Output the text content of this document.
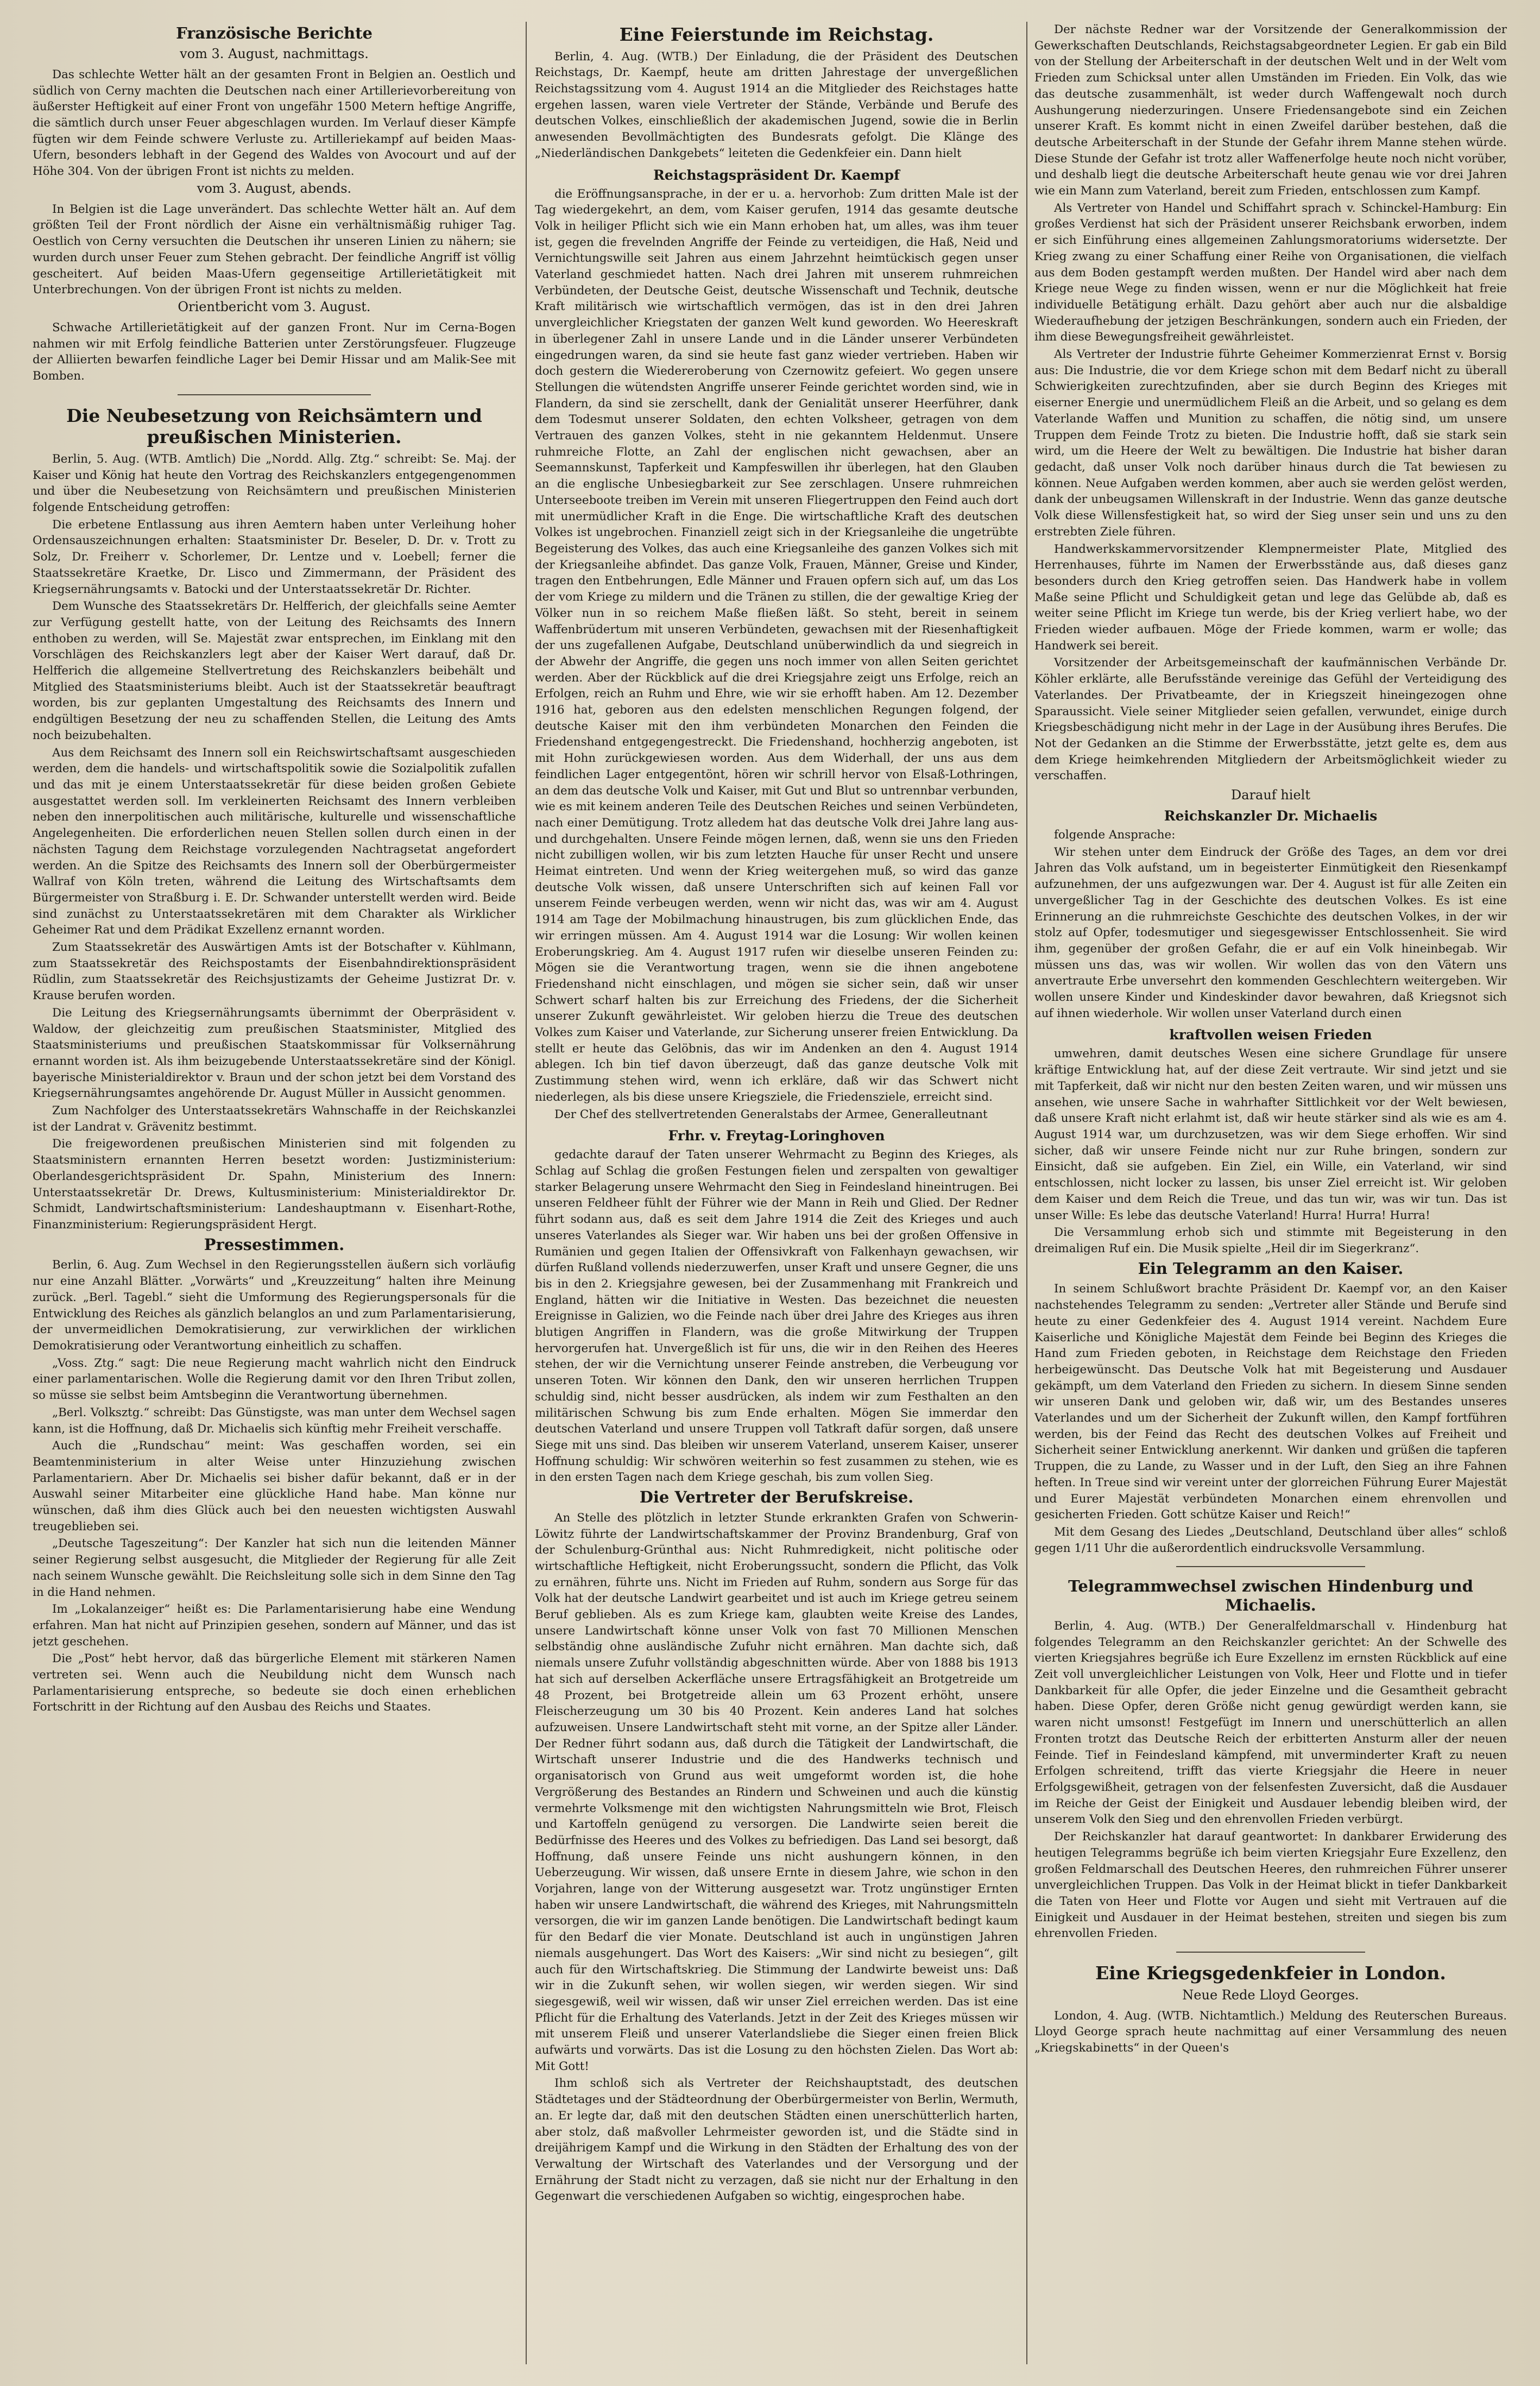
Französische Berichte
vom 3. August, nachmittags.

Das schlechte Wetter hält an der gesamten Front in Belgien an. Oestlich und südlich von Cerny machten die Deutschen nach einer Artillerievorbereitung von äußerster Heftigkeit auf einer Front von ungefähr 1500 Metern heftige Angriffe, die sämtlich durch unser Feuer abgeschlagen wurden. Im Verlauf dieser Kämpfe fügten wir dem Feinde schwere Verluste zu. Artilleriekampf auf beiden Maas-Ufern, besonders lebhaft in der Gegend des Waldes von Avocourt und auf der Höhe 304. Von der übrigen Front ist nichts zu melden.

vom 3. August, abends.

In Belgien ist die Lage unverändert. Das schlechte Wetter hält an. Auf dem größten Teil der Front nördlich der Aisne ein verhältnismäßig ruhiger Tag. Oestlich von Cerny versuchten die Deutschen ihr unseren Linien zu nähern; sie wurden durch unser Feuer zum Stehen gebracht. Der feindliche Angriff ist völlig gescheitert. Auf beiden Maas-Ufern gegenseitige Artillerietätigkeit mit Unterbrechungen. Von der übrigen Front ist nichts zu melden.

Orientbericht vom 3. August.

Schwache Artillerietätigkeit auf der ganzen Front. Nur im Cerna-Bogen nahmen wir mit Erfolg feindliche Batterien unter Zerstörungsfeuer. Flugzeuge der Alliierten bewarfen feindliche Lager bei Demir Hissar und am Malik-See mit Bomben.

Die Neubesetzung von Reichsämtern und preußischen Ministerien.

Berlin, 5. Aug. (WTB. Amtlich) Die „Nordd. Allg. Ztg.“ schreibt: Se. Maj. der Kaiser und König hat heute den Vortrag des Reichskanzlers entgegengenommen und über die Neubesetzung von Reichsämtern und preußischen Ministerien folgende Entscheidung getroffen:

Die erbetene Entlassung aus ihren Aemtern haben unter Verleihung hoher Ordensauszeichnungen erhalten: Staatsminister Dr. Beseler, D. Dr. v. Trott zu Solz, Dr. Freiherr v. Schorlemer, Dr. Lentze und v. Loebell; ferner die Staatssekretäre Kraetke, Dr. Lisco und Zimmermann, der Präsident des Kriegsernährungsamts v. Batocki und der Unterstaatssekretär Dr. Richter.

Dem Wunsche des Staatssekretärs Dr. Helfferich, der gleichfalls seine Aemter zur Verfügung gestellt hatte, von der Leitung des Reichsamts des Innern enthoben zu werden, will Se. Majestät zwar entsprechen, im Einklang mit den Vorschlägen des Reichskanzlers legt aber der Kaiser Wert darauf, daß Dr. Helfferich die allgemeine Stellvertretung des Reichskanzlers beibehält und Mitglied des Staatsministeriums bleibt. Auch ist der Staatssekretär beauftragt worden, bis zur geplanten Umgestaltung des Reichsamts des Innern und endgültigen Besetzung der neu zu schaffenden Stellen, die Leitung des Amts noch beizubehalten.

Aus dem Reichsamt des Innern soll ein Reichswirtschaftsamt ausgeschieden werden, dem die handels- und wirtschaftspolitik sowie die Sozialpolitik zufallen und das mit je einem Unterstaatssekretär für diese beiden großen Gebiete ausgestattet werden soll. Im verkleinerten Reichsamt des Innern verbleiben neben den innerpolitischen auch militärische, kulturelle und wissenschaftliche Angelegenheiten. Die erforderlichen neuen Stellen sollen durch einen in der nächsten Tagung dem Reichstage vorzulegenden Nachtragsetat angefordert werden. An die Spitze des Reichsamts des Innern soll der Oberbürgermeister Wallraf von Köln treten, während die Leitung des Wirtschaftsamts dem Bürgermeister von Straßburg i. E. Dr. Schwander unterstellt werden wird. Beide sind zunächst zu Unterstaatssekretären mit dem Charakter als Wirklicher Geheimer Rat und dem Prädikat Exzellenz ernannt worden.

Zum Staatssekretär des Auswärtigen Amts ist der Botschafter v. Kühlmann, zum Staatssekretär des Reichspostamts der Eisenbahndirektionspräsident Rüdlin, zum Staatssekretär des Reichsjustizamts der Geheime Justizrat Dr. v. Krause berufen worden.

Die Leitung des Kriegsernährungsamts übernimmt der Oberpräsident v. Waldow, der gleichzeitig zum preußischen Staatsminister, Mitglied des Staatsministeriums und preußischen Staatskommissar für Volksernährung ernannt worden ist. Als ihm beizugebende Unterstaatssekretäre sind der Königl. bayerische Ministerialdirektor v. Braun und der schon jetzt bei dem Vorstand des Kriegsernährungsamtes angehörende Dr. August Müller in Aussicht genommen.

Zum Nachfolger des Unterstaatssekretärs Wahnschaffe in der Reichskanzlei ist der Landrat v. Grävenitz bestimmt.

Die freigewordenen preußischen Ministerien sind mit folgenden zu Staatsministern ernannten Herren besetzt worden: Justizministerium: Oberlandesgerichtspräsident Dr. Spahn, Ministerium des Innern: Unterstaatssekretär Dr. Drews, Kultusministerium: Ministerialdirektor Dr. Schmidt, Landwirtschaftsministerium: Landeshauptmann v. Eisenhart-Rothe, Finanzministerium: Regierungspräsident Hergt.

Pressestimmen.

Berlin, 6. Aug. Zum Wechsel in den Regierungsstellen äußern sich vorläufig nur eine Anzahl Blätter. „Vorwärts“ und „Kreuzzeitung“ halten ihre Meinung zurück. „Berl. Tagebl.“ sieht die Umformung des Regierungspersonals für die Entwicklung des Reiches als gänzlich belanglos an und zum Parlamentarisierung, der unvermeidlichen Demokratisierung, zur verwirklichen der wirklichen Demokratisierung oder Verantwortung einheitlich zu schaffen.

„Voss. Ztg.“ sagt: Die neue Regierung macht wahrlich nicht den Eindruck einer parlamentarischen. Wolle die Regierung damit vor den Ihren Tribut zollen, so müsse sie selbst beim Amtsbeginn die Verantwortung übernehmen.

„Berl. Volksztg.“ schreibt: Das Günstigste, was man unter dem Wechsel sagen kann, ist die Hoffnung, daß Dr. Michaelis sich künftig mehr Freiheit verschaffe.

Auch die „Rundschau“ meint: Was geschaffen worden, sei ein Beamtenministerium in alter Weise unter Hinzuziehung zwischen Parlamentariern. Aber Dr. Michaelis sei bisher dafür bekannt, daß er in der Auswahl seiner Mitarbeiter eine glückliche Hand habe. Man könne nur wünschen, daß ihm dies Glück auch bei den neuesten wichtigsten Auswahl treugeblieben sei.

„Deutsche Tageszeitung“: Der Kanzler hat sich nun die leitenden Männer seiner Regierung selbst ausgesucht, die Mitglieder der Regierung für alle Zeit nach seinem Wunsche gewählt. Die Reichsleitung solle sich in dem Sinne den Tag in die Hand nehmen.

Im „Lokalanzeiger“ heißt es: Die Parlamentarisierung habe eine Wendung erfahren. Man hat nicht auf Prinzipien gesehen, sondern auf Männer, und das ist jetzt geschehen.

Die „Post“ hebt hervor, daß das bürgerliche Element mit stärkeren Namen vertreten sei. Wenn auch die Neubildung nicht dem Wunsch nach Parlamentarisierung entspreche, so bedeute sie doch einen erheblichen Fortschritt in der Richtung auf den Ausbau des Reichs und Staates.

Eine Feierstunde im Reichstag.

Berlin, 4. Aug. (WTB.) Der Einladung, die der Präsident des Deutschen Reichstags, Dr. Kaempf, heute am dritten Jahrestage der unvergeßlichen Reichstagssitzung vom 4. August 1914 an die Mitglieder des Reichstages hatte ergehen lassen, waren viele Vertreter der Stände, Verbände und Berufe des deutschen Volkes, einschließlich der akademischen Jugend, sowie die in Berlin anwesenden Bevollmächtigten des Bundesrats gefolgt. Die Klänge des „Niederländischen Dankgebets“ leiteten die Gedenkfeier ein. Dann hielt

Reichstagspräsident Dr. Kaempf

die Eröffnungsansprache, in der er u. a. hervorhob: Zum dritten Male ist der Tag wiedergekehrt, an dem, vom Kaiser gerufen, 1914 das gesamte deutsche Volk in heiliger Pflicht sich wie ein Mann erhoben hat, um alles, was ihm teuer ist, gegen die frevelnden Angriffe der Feinde zu verteidigen, die Haß, Neid und Vernichtungswille seit Jahren aus einem Jahrzehnt heimtückisch gegen unser Vaterland geschmiedet hatten. Nach drei Jahren mit unserem ruhmreichen Verbündeten, der Deutsche Geist, deutsche Wissenschaft und Technik, deutsche Kraft militärisch wie wirtschaftlich vermögen, das ist in den drei Jahren unvergleichlicher Kriegstaten der ganzen Welt kund geworden. Wo Heereskraft in überlegener Zahl in unsere Lande und in die Länder unserer Verbündeten eingedrungen waren, da sind sie heute fast ganz wieder vertrieben. Haben wir doch gestern die Wiedereroberung von Czernowitz gefeiert. Wo gegen unsere Stellungen die wütendsten Angriffe unserer Feinde gerichtet worden sind, wie in Flandern, da sind sie zerschellt, dank der Genialität unserer Heerführer, dank dem Todesmut unserer Soldaten, den echten Volksheer, getragen von dem Vertrauen des ganzen Volkes, steht in nie gekanntem Heldenmut. Unsere ruhmreiche Flotte, an Zahl der englischen nicht gewachsen, aber an Seemannskunst, Tapferkeit und Kampfeswillen ihr überlegen, hat den Glauben an die englische Unbesiegbarkeit zur See zerschlagen. Unsere ruhmreichen Unterseeboote treiben im Verein mit unseren Fliegertruppen den Feind auch dort mit unermüdlicher Kraft in die Enge. Die wirtschaftliche Kraft des deutschen Volkes ist ungebrochen. Finanziell zeigt sich in der Kriegsanleihe die ungetrübte Begeisterung des Volkes, das auch eine Kriegsanleihe des ganzen Volkes sich mit der Kriegsanleihe abfindet. Das ganze Volk, Frauen, Männer, Greise und Kinder, tragen den Entbehrungen, Edle Männer und Frauen opfern sich auf, um das Los der vom Kriege zu mildern und die Tränen zu stillen, die der gewaltige Krieg der Völker nun in so reichem Maße fließen läßt. So steht, bereit in seinem Waffenbrüdertum mit unseren Verbündeten, gewachsen mit der Riesenhaftigkeit der uns zugefallenen Aufgabe, Deutschland unüberwindlich da und siegreich in der Abwehr der Angriffe, die gegen uns noch immer von allen Seiten gerichtet werden. Aber der Rückblick auf die drei Kriegsjahre zeigt uns Erfolge, reich an Erfolgen, reich an Ruhm und Ehre, wie wir sie erhofft haben. Am 12. Dezember 1916 hat, geboren aus den edelsten menschlichen Regungen folgend, der deutsche Kaiser mit den ihm verbündeten Monarchen den Feinden die Friedenshand entgegengestreckt. Die Friedenshand, hochherzig angeboten, ist mit Hohn zurückgewiesen worden. Aus dem Widerhall, der uns aus dem feindlichen Lager entgegentönt, hören wir schrill hervor von Elsaß-Lothringen, an dem das deutsche Volk und Kaiser, mit Gut und Blut so untrennbar verbunden, wie es mit keinem anderen Teile des Deutschen Reiches und seinen Verbündeten, nach einer Demütigung. Trotz alledem hat das deutsche Volk drei Jahre lang aus- und durchgehalten. Unsere Feinde mögen lernen, daß, wenn sie uns den Frieden nicht zubilligen wollen, wir bis zum letzten Hauche für unser Recht und unsere Heimat eintreten. Und wenn der Krieg weitergehen muß, so wird das ganze deutsche Volk wissen, daß unsere Unterschriften sich auf keinen Fall vor unserem Feinde verbeugen werden, wenn wir nicht das, was wir am 4. August 1914 am Tage der Mobilmachung hinaustrugen, bis zum glücklichen Ende, das wir erringen müssen. Am 4. August 1914 war die Losung: Wir wollen keinen Eroberungskrieg. Am 4. August 1917 rufen wir dieselbe unseren Feinden zu: Mögen sie die Verantwortung tragen, wenn sie die ihnen angebotene Friedenshand nicht einschlagen, und mögen sie sicher sein, daß wir unser Schwert scharf halten bis zur Erreichung des Friedens, der die Sicherheit unserer Zukunft gewährleistet. Wir geloben hierzu die Treue des deutschen Volkes zum Kaiser und Vaterlande, zur Sicherung unserer freien Entwicklung. Da stellt er heute das Gelöbnis, das wir im Andenken an den 4. August 1914 ablegen. Ich bin tief davon überzeugt, daß das ganze deutsche Volk mit Zustimmung stehen wird, wenn ich erkläre, daß wir das Schwert nicht niederlegen, als bis diese unsere Kriegsziele, die Friedensziele, erreicht sind.

Der Chef des stellvertretenden Generalstabs der Armee, Generalleutnant

Frhr. v. Freytag-Loringhoven

gedachte darauf der Taten unserer Wehrmacht zu Beginn des Krieges, als Schlag auf Schlag die großen Festungen fielen und zerspalten von gewaltiger starker Belagerung unsere Wehrmacht den Sieg in Feindesland hineintrugen. Bei unseren Feldheer fühlt der Führer wie der Mann in Reih und Glied. Der Redner führt sodann aus, daß es seit dem Jahre 1914 die Zeit des Krieges und auch unseres Vaterlandes als Sieger war. Wir haben uns bei der großen Offensive in Rumänien und gegen Italien der Offensivkraft von Falkenhayn gewachsen, wir dürfen Rußland vollends niederzuwerfen, unser Kraft und unsere Gegner, die uns bis in den 2. Kriegsjahre gewesen, bei der Zusammenhang mit Frankreich und England, hätten wir die Initiative in Westen. Das bezeichnet die neuesten Ereignisse in Galizien, wo die Feinde nach über drei Jahre des Krieges aus ihren blutigen Angriffen in Flandern, was die große Mitwirkung der Truppen hervorgerufen hat. Unvergeßlich ist für uns, die wir in den Reihen des Heeres stehen, der wir die Vernichtung unserer Feinde anstreben, die Verbeugung vor unseren Toten. Wir können den Dank, den wir unseren herrlichen Truppen schuldig sind, nicht besser ausdrücken, als indem wir zum Festhalten an den militärischen Schwung bis zum Ende erhalten. Mögen Sie immerdar den deutschen Vaterland und unsere Truppen voll Tatkraft dafür sorgen, daß unsere Siege mit uns sind. Das bleiben wir unserem Vaterland, unserem Kaiser, unserer Hoffnung schuldig: Wir schwören weiterhin so fest zusammen zu stehen, wie es in den ersten Tagen nach dem Kriege geschah, bis zum vollen Sieg.

Die Vertreter der Berufskreise.

An Stelle des plötzlich in letzter Stunde erkrankten Grafen von Schwerin-Löwitz führte der Landwirtschaftskammer der Provinz Brandenburg, Graf von der Schulenburg-Grünthal aus: Nicht Ruhmredigkeit, nicht politische oder wirtschaftliche Heftigkeit, nicht Eroberungssucht, sondern die Pflicht, das Volk zu ernähren, führte uns. Nicht im Frieden auf Ruhm, sondern aus Sorge für das Volk hat der deutsche Landwirt gearbeitet und ist auch im Kriege getreu seinem Beruf geblieben. Als es zum Kriege kam, glaubten weite Kreise des Landes, unsere Landwirtschaft könne unser Volk von fast 70 Millionen Menschen selbständig ohne ausländische Zufuhr nicht ernähren. Man dachte sich, daß niemals unsere Zufuhr vollständig abgeschnitten würde. Aber von 1888 bis 1913 hat sich auf derselben Ackerfläche unsere Ertragsfähigkeit an Brotgetreide um 48 Prozent, bei Brotgetreide allein um 63 Prozent erhöht, unsere Fleischerzeugung um 30 bis 40 Prozent. Kein anderes Land hat solches aufzuweisen. Unsere Landwirtschaft steht mit vorne, an der Spitze aller Länder. Der Redner führt sodann aus, daß durch die Tätigkeit der Landwirtschaft, die Wirtschaft unserer Industrie und die des Handwerks technisch und organisatorisch von Grund aus weit umgeformt worden ist, die hohe Vergrößerung des Bestandes an Rindern und Schweinen und auch die künstig vermehrte Volksmenge mit den wichtigsten Nahrungsmitteln wie Brot, Fleisch und Kartoffeln genügend zu versorgen. Die Landwirte seien bereit die Bedürfnisse des Heeres und des Volkes zu befriedigen. Das Land sei besorgt, daß Hoffnung, daß unsere Feinde uns nicht aushungern können, in den Ueberzeugung. Wir wissen, daß unsere Ernte in diesem Jahre, wie schon in den Vorjahren, lange von der Witterung ausgesetzt war. Trotz ungünstiger Ernten haben wir unsere Landwirtschaft, die während des Krieges, mit Nahrungsmitteln versorgen, die wir im ganzen Lande benötigen. Die Landwirtschaft bedingt kaum für den Bedarf die vier Monate. Deutschland ist auch in ungünstigen Jahren niemals ausgehungert. Das Wort des Kaisers: „Wir sind nicht zu besiegen“, gilt auch für den Wirtschaftskrieg. Die Stimmung der Landwirte beweist uns: Daß wir in die Zukunft sehen, wir wollen siegen, wir werden siegen. Wir sind siegesgewiß, weil wir wissen, daß wir unser Ziel erreichen werden. Das ist eine Pflicht für die Erhaltung des Vaterlands. Jetzt in der Zeit des Krieges müssen wir mit unserem Fleiß und unserer Vaterlandsliebe die Sieger einen freien Blick aufwärts und vorwärts. Das ist die Losung zu den höchsten Zielen. Das Wort ab: Mit Gott!

Ihm schloß sich als Vertreter der Reichshauptstadt, des deutschen Städtetages und der Städteordnung der Oberbürgermeister von Berlin, Wermuth, an. Er legte dar, daß mit den deutschen Städten einen unerschütterlich harten, aber stolz, daß maßvoller Lehrmeister geworden ist, und die Städte sind in dreijährigem Kampf und die Wirkung in den Städten der Erhaltung des von der Verwaltung der Wirtschaft des Vaterlandes und der Versorgung und der Ernährung der Stadt nicht zu verzagen, daß sie nicht nur der Erhaltung in den Gegenwart die verschiedenen Aufgaben so wichtig, eingesprochen habe.

Der nächste Redner war der Vorsitzende der Generalkommission der Gewerkschaften Deutschlands, Reichstagsabgeordneter Legien. Er gab ein Bild von der Stellung der Arbeiterschaft in der deutschen Welt und in der Welt vom Frieden zum Schicksal unter allen Umständen im Frieden. Ein Volk, das wie das deutsche zusammenhält, ist weder durch Waffengewalt noch durch Aushungerung niederzuringen. Unsere Friedensangebote sind ein Zeichen unserer Kraft. Es kommt nicht in einen Zweifel darüber bestehen, daß die deutsche Arbeiterschaft in der Stunde der Gefahr ihrem Manne stehen würde. Diese Stunde der Gefahr ist trotz aller Waffenerfolge heute noch nicht vorüber, und deshalb liegt die deutsche Arbeiterschaft heute genau wie vor drei Jahren wie ein Mann zum Vaterland, bereit zum Frieden, entschlossen zum Kampf.

Als Vertreter von Handel und Schiffahrt sprach v. Schinckel-Hamburg: Ein großes Verdienst hat sich der Präsident unserer Reichsbank erworben, indem er sich Einführung eines allgemeinen Zahlungsmoratoriums widersetzte. Der Krieg zwang zu einer Schaffung einer Reihe von Organisationen, die vielfach aus dem Boden gestampft werden mußten. Der Handel wird aber nach dem Kriege neue Wege zu finden wissen, wenn er nur die Möglichkeit hat freie individuelle Betätigung erhält. Dazu gehört aber auch nur die alsbaldige Wiederaufhebung der jetzigen Beschränkungen, sondern auch ein Frieden, der ihm diese Bewegungsfreiheit gewährleistet.

Als Vertreter der Industrie führte Geheimer Kommerzienrat Ernst v. Borsig aus: Die Industrie, die vor dem Kriege schon mit dem Bedarf nicht zu überall Schwierigkeiten zurechtzufinden, aber sie durch Beginn des Krieges mit eiserner Energie und unermüdlichem Fleiß an die Arbeit, und so gelang es dem Vaterlande Waffen und Munition zu schaffen, die nötig sind, um unsere Truppen dem Feinde Trotz zu bieten. Die Industrie hofft, daß sie stark sein wird, um die Heere der Welt zu bewältigen. Die Industrie hat bisher daran gedacht, daß unser Volk noch darüber hinaus durch die Tat bewiesen zu können. Neue Aufgaben werden kommen, aber auch sie werden gelöst werden, dank der unbeugsamen Willenskraft in der Industrie. Wenn das ganze deutsche Volk diese Willensfestigkeit hat, so wird der Sieg unser sein und uns zu den erstrebten Ziele führen.

Handwerkskammervorsitzender Klempnermeister Plate, Mitglied des Herrenhauses, führte im Namen der Erwerbsstände aus, daß dieses ganz besonders durch den Krieg getroffen seien. Das Handwerk habe in vollem Maße seine Pflicht und Schuldigkeit getan und lege das Gelübde ab, daß es weiter seine Pflicht im Kriege tun werde, bis der Krieg verliert habe, wo der Frieden wieder aufbauen. Möge der Friede kommen, warm er wolle; das Handwerk sei bereit.

Vorsitzender der Arbeitsgemeinschaft der kaufmännischen Verbände Dr. Köhler erklärte, alle Berufsstände vereinige das Gefühl der Verteidigung des Vaterlandes. Der Privatbeamte, der in Kriegszeit hineingezogen ohne Sparaussicht. Viele seiner Mitglieder seien gefallen, verwundet, einige durch Kriegsbeschädigung nicht mehr in der Lage in der Ausübung ihres Berufes. Die Not der Gedanken an die Stimme der Erwerbsstätte, jetzt gelte es, dem aus dem Kriege heimkehrenden Mitgliedern der Arbeitsmöglichkeit wieder zu verschaffen.

Darauf hielt
Reichskanzler Dr. Michaelis

folgende Ansprache:

Wir stehen unter dem Eindruck der Größe des Tages, an dem vor drei Jahren das Volk aufstand, um in begeisterter Einmütigkeit den Riesenkampf aufzunehmen, der uns aufgezwungen war. Der 4. August ist für alle Zeiten ein unvergeßlicher Tag in der Geschichte des deutschen Volkes. Es ist eine Erinnerung an die ruhmreichste Geschichte des deutschen Volkes, in der wir stolz auf Opfer, todesmutiger und siegesgewisser Entschlossenheit. Sie wird ihm, gegenüber der großen Gefahr, die er auf ein Volk hineinbegab. Wir müssen uns das, was wir wollen. Wir wollen das von den Vätern uns anvertraute Erbe unversehrt den kommenden Geschlechtern weitergeben. Wir wollen unsere Kinder und Kindeskinder davor bewahren, daß Kriegsnot sich auf ihnen wiederhole. Wir wollen unser Vaterland durch einen

kraftvollen weisen Frieden

umwehren, damit deutsches Wesen eine sichere Grundlage für unsere kräftige Entwicklung hat, auf der diese Zeit vertraute. Wir sind jetzt und sie mit Tapferkeit, daß wir nicht nur den besten Zeiten waren, und wir müssen uns ansehen, wie unsere Sache in wahrhafter Sittlichkeit vor der Welt bewiesen, daß unsere Kraft nicht erlahmt ist, daß wir heute stärker sind als wie es am 4. August 1914 war, um durchzusetzen, was wir dem Siege erhoffen. Wir sind sicher, daß wir unsere Feinde nicht nur zur Ruhe bringen, sondern zur Einsicht, daß sie aufgeben. Ein Ziel, ein Wille, ein Vaterland, wir sind entschlossen, nicht locker zu lassen, bis unser Ziel erreicht ist. Wir geloben dem Kaiser und dem Reich die Treue, und das tun wir, was wir tun. Das ist unser Wille: Es lebe das deutsche Vaterland! Hurra! Hurra! Hurra!

Die Versammlung erhob sich und stimmte mit Begeisterung in den dreimaligen Ruf ein. Die Musik spielte „Heil dir im Siegerkranz“.

Ein Telegramm an den Kaiser.

In seinem Schlußwort brachte Präsident Dr. Kaempf vor, an den Kaiser nachstehendes Telegramm zu senden: „Vertreter aller Stände und Berufe sind heute zu einer Gedenkfeier des 4. August 1914 vereint. Nachdem Eure Kaiserliche und Königliche Majestät dem Feinde bei Beginn des Krieges die Hand zum Frieden geboten, in Reichstage dem Reichstage den Frieden herbeigewünscht. Das Deutsche Volk hat mit Begeisterung und Ausdauer gekämpft, um dem Vaterland den Frieden zu sichern. In diesem Sinne senden wir unseren Dank und geloben wir, daß wir, um des Bestandes unseres Vaterlandes und um der Sicherheit der Zukunft willen, den Kampf fortführen werden, bis der Feind das Recht des deutschen Volkes auf Freiheit und Sicherheit seiner Entwicklung anerkennt. Wir danken und grüßen die tapferen Truppen, die zu Lande, zu Wasser und in der Luft, den Sieg an ihre Fahnen heften. In Treue sind wir vereint unter der glorreichen Führung Eurer Majestät und Eurer Majestät verbündeten Monarchen einem ehrenvollen und gesicherten Frieden. Gott schütze Kaiser und Reich!“

Mit dem Gesang des Liedes „Deutschland, Deutschland über alles“ schloß gegen 1/11 Uhr die außerordentlich eindrucksvolle Versammlung.

Telegrammwechsel zwischen Hindenburg und Michaelis.

Berlin, 4. Aug. (WTB.) Der Generalfeldmarschall v. Hindenburg hat folgendes Telegramm an den Reichskanzler gerichtet: An der Schwelle des vierten Kriegsjahres begrüße ich Eure Exzellenz im ernsten Rückblick auf eine Zeit voll unvergleichlicher Leistungen von Volk, Heer und Flotte und in tiefer Dankbarkeit für alle Opfer, die jeder Einzelne und die Gesamtheit gebracht haben. Diese Opfer, deren Größe nicht genug gewürdigt werden kann, sie waren nicht umsonst! Festgefügt im Innern und unerschütterlich an allen Fronten trotzt das Deutsche Reich der erbitterten Ansturm aller der neuen Feinde. Tief in Feindesland kämpfend, mit unverminderter Kraft zu neuen Erfolgen schreitend, trifft das vierte Kriegsjahr die Heere in neuer Erfolgsgewißheit, getragen von der felsenfesten Zuversicht, daß die Ausdauer im Reiche der Geist der Einigkeit und Ausdauer lebendig bleiben wird, der unserem Volk den Sieg und den ehrenvollen Frieden verbürgt.

Der Reichskanzler hat darauf geantwortet: In dankbarer Erwiderung des heutigen Telegramms begrüße ich beim vierten Kriegsjahr Eure Exzellenz, den großen Feldmarschall des Deutschen Heeres, den ruhmreichen Führer unserer unvergleichlichen Truppen. Das Volk in der Heimat blickt in tiefer Dankbarkeit die Taten von Heer und Flotte vor Augen und sieht mit Vertrauen auf die Einigkeit und Ausdauer in der Heimat bestehen, streiten und siegen bis zum ehrenvollen Frieden.

Eine Kriegsgedenkfeier in London.
Neue Rede Lloyd Georges.

London, 4. Aug. (WTB. Nichtamtlich.) Meldung des Reuterschen Bureaus. Lloyd George sprach heute nachmittag auf einer Versammlung des neuen „Kriegskabinetts“ in der Queen's
